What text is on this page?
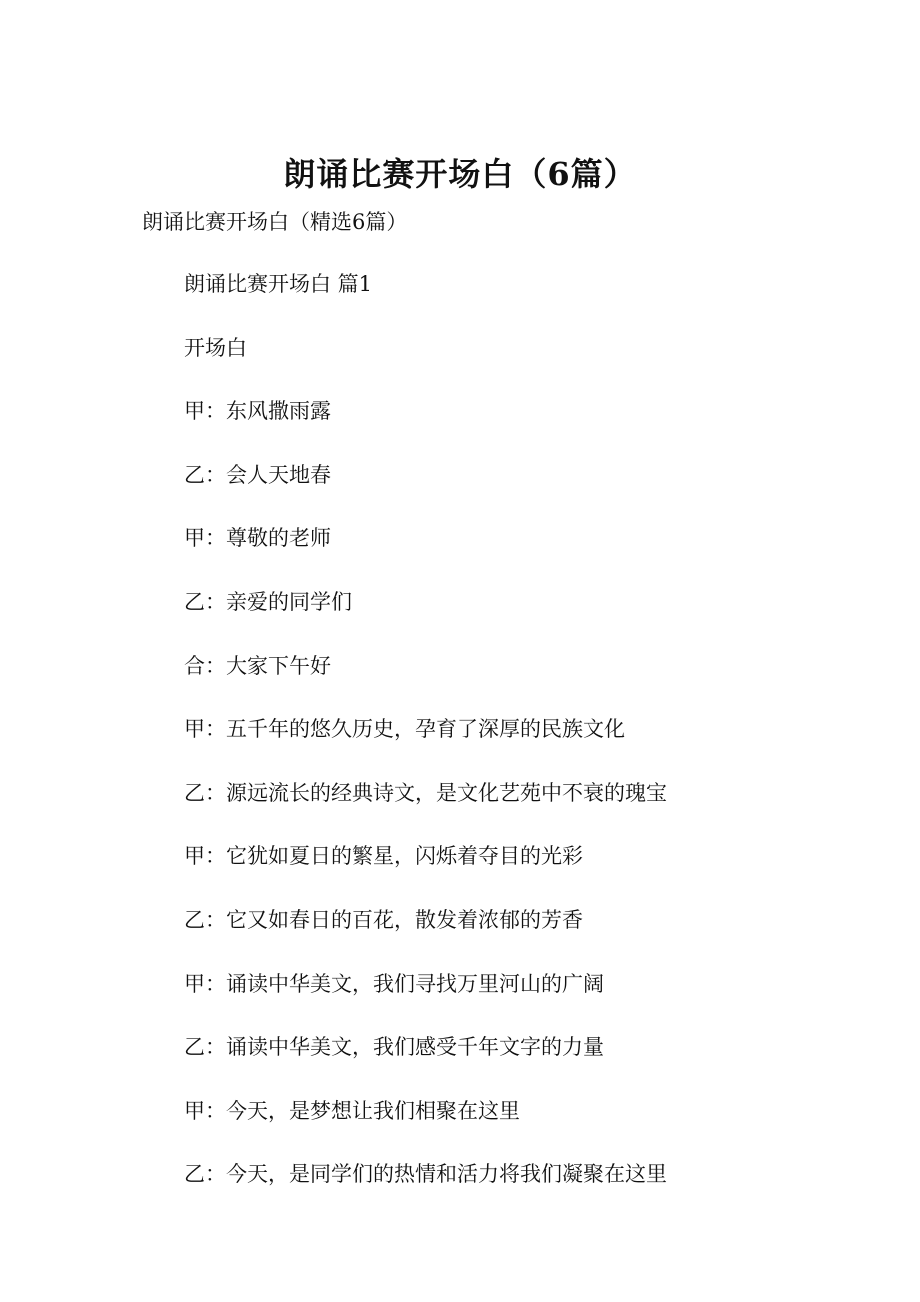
朗诵比赛开场白（6篇）
朗诵比赛开场白（精选6篇）
朗诵比赛开场白 篇1
开场白
甲：东风撒雨露
乙：会人天地春
甲：尊敬的老师
乙：亲爱的同学们
合：大家下午好
甲：五千年的悠久历史，孕育了深厚的民族文化
乙：源远流长的经典诗文，是文化艺苑中不衰的瑰宝
甲：它犹如夏日的繁星，闪烁着夺目的光彩
乙：它又如春日的百花，散发着浓郁的芳香
甲：诵读中华美文，我们寻找万里河山的广阔
乙：诵读中华美文，我们感受千年文字的力量
甲：今天，是梦想让我们相聚在这里
乙：今天，是同学们的热情和活力将我们凝聚在这里
